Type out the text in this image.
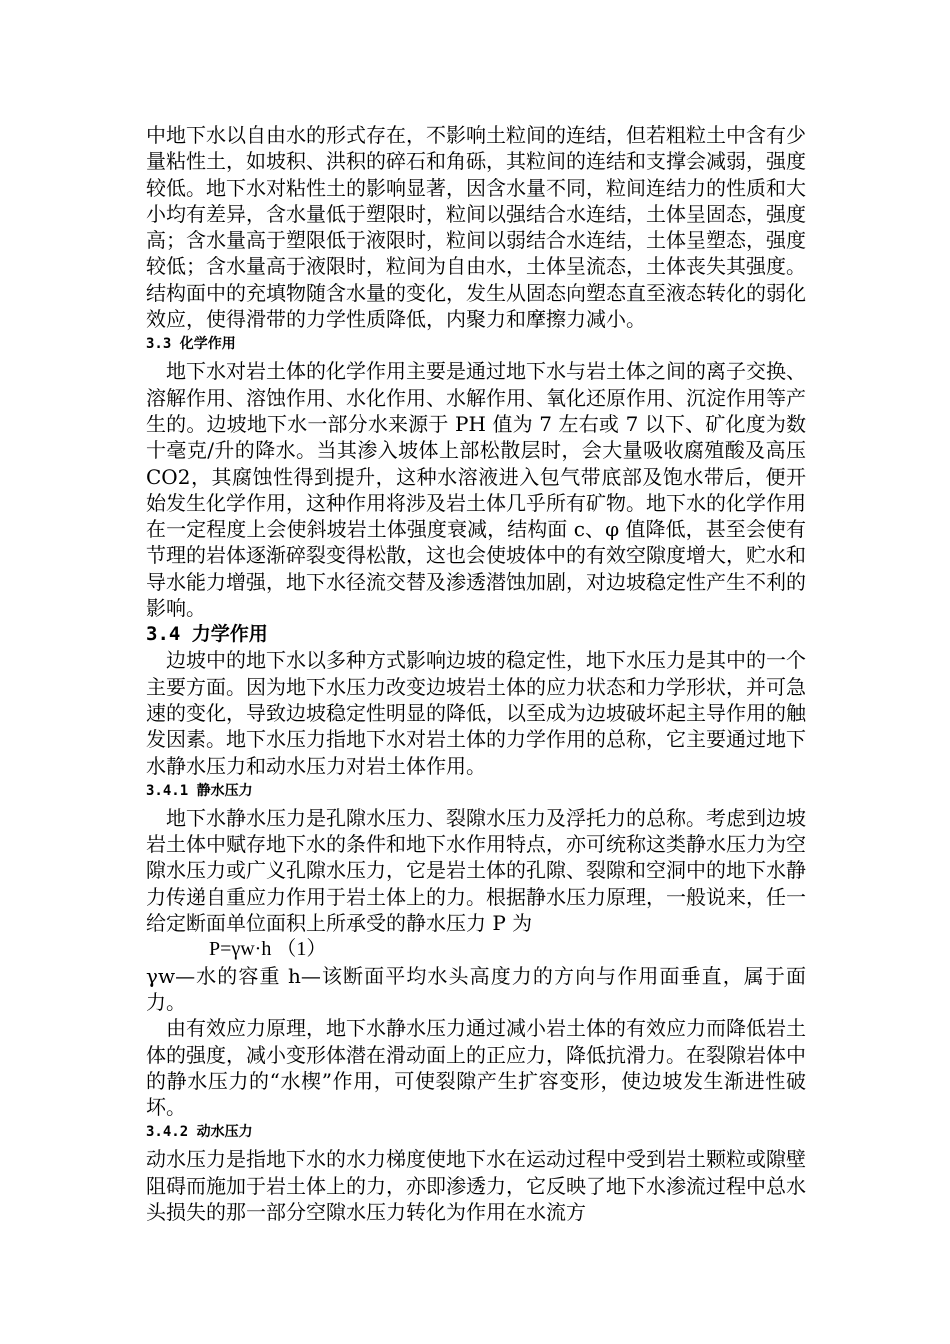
中地下水以自由水的形式存在，不影响土粒间的连结，但若粗粒土中含有少量粘性土，如坡积、洪积的碎石和角砾，其粒间的连结和支撑会减弱，强度较低。地下水对粘性土的影响显著，因含水量不同，粒间连结力的性质和大小均有差异，含水量低于塑限时，粒间以强结合水连结，土体呈固态，强度高；含水量高于塑限低于液限时，粒间以弱结合水连结，土体呈塑态，强度较低；含水量高于液限时，粒间为自由水，土体呈流态，土体丧失其强度。结构面中的充填物随含水量的变化，发生从固态向塑态直至液态转化的弱化效应，使得滑带的力学性质降低，内聚力和摩擦力减小。

3.3 化学作用

地下水对岩土体的化学作用主要是通过地下水与岩土体之间的离子交换、溶解作用、溶蚀作用、水化作用、水解作用、氧化还原作用、沉淀作用等产生的。边坡地下水一部分水来源于 PH 值为 7 左右或 7 以下、矿化度为数十毫克/升的降水。当其渗入坡体上部松散层时，会大量吸收腐殖酸及高压 CO2，其腐蚀性得到提升，这种水溶液进入包气带底部及饱水带后，便开始发生化学作用，这种作用将涉及岩土体几乎所有矿物。地下水的化学作用在一定程度上会使斜坡岩土体强度衰减，结构面 c、φ 值降低，甚至会使有节理的岩体逐渐碎裂变得松散，这也会使坡体中的有效空隙度增大，贮水和导水能力增强，地下水径流交替及渗透潜蚀加剧，对边坡稳定性产生不利的影响。

3.4 力学作用

边坡中的地下水以多种方式影响边坡的稳定性，地下水压力是其中的一个主要方面。因为地下水压力改变边坡岩土体的应力状态和力学形状，并可急速的变化，导致边坡稳定性明显的降低，以至成为边坡破坏起主导作用的触发因素。地下水压力指地下水对岩土体的力学作用的总称，它主要通过地下水静水压力和动水压力对岩土体作用。

3.4.1 静水压力

地下水静水压力是孔隙水压力、裂隙水压力及浮托力的总称。考虑到边坡岩土体中赋存地下水的条件和地下水作用特点，亦可统称这类静水压力为空隙水压力或广义孔隙水压力，它是岩土体的孔隙、裂隙和空洞中的地下水静力传递自重应力作用于岩土体上的力。根据静水压力原理，一般说来，任一给定断面单位面积上所承受的静水压力 P 为

P=γw·h （1）

γw—水的容重 h—该断面平均水头高度力的方向与作用面垂直，属于面力。

由有效应力原理，地下水静水压力通过减小岩土体的有效应力而降低岩土体的强度，减小变形体潜在滑动面上的正应力，降低抗滑力。在裂隙岩体中的静水压力的“水楔”作用，可使裂隙产生扩容变形，使边坡发生渐进性破坏。

3.4.2 动水压力

动水压力是指地下水的水力梯度使地下水在运动过程中受到岩土颗粒或隙壁阻碍而施加于岩土体上的力，亦即渗透力，它反映了地下水渗流过程中总水头损失的那一部分空隙水压力转化为作用在水流方
